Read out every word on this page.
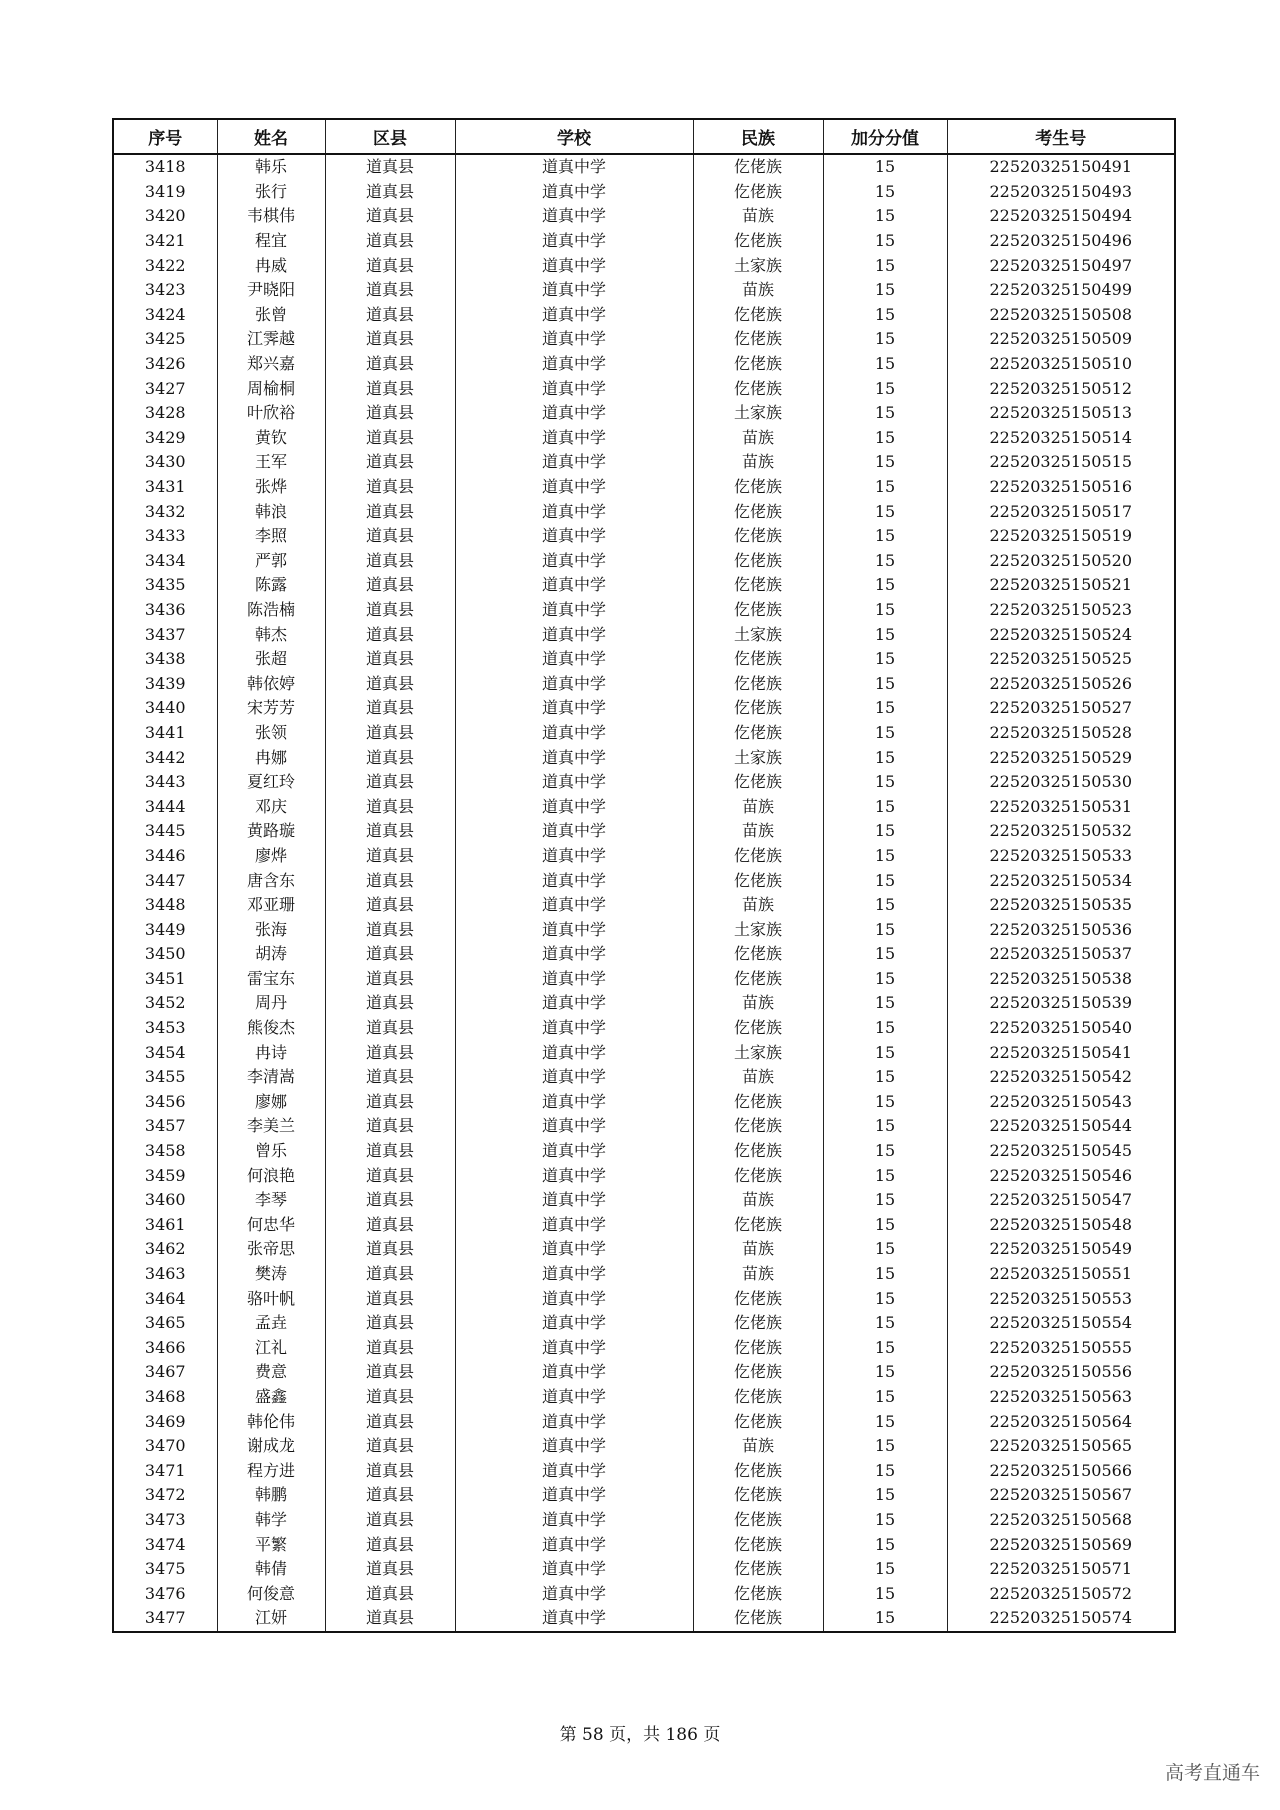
序号	姓名	区县	学校	民族	加分分值	考生号
3418	韩乐	道真县	道真中学	仡佬族	15	22520325150491
3419	张行	道真县	道真中学	仡佬族	15	22520325150493
3420	韦棋伟	道真县	道真中学	苗族	15	22520325150494
3421	程宜	道真县	道真中学	仡佬族	15	22520325150496
3422	冉威	道真县	道真中学	土家族	15	22520325150497
3423	尹晓阳	道真县	道真中学	苗族	15	22520325150499
3424	张曾	道真县	道真中学	仡佬族	15	22520325150508
3425	江霁越	道真县	道真中学	仡佬族	15	22520325150509
3426	郑兴嘉	道真县	道真中学	仡佬族	15	22520325150510
3427	周榆桐	道真县	道真中学	仡佬族	15	22520325150512
3428	叶欣裕	道真县	道真中学	土家族	15	22520325150513
3429	黄钦	道真县	道真中学	苗族	15	22520325150514
3430	王军	道真县	道真中学	苗族	15	22520325150515
3431	张烨	道真县	道真中学	仡佬族	15	22520325150516
3432	韩浪	道真县	道真中学	仡佬族	15	22520325150517
3433	李照	道真县	道真中学	仡佬族	15	22520325150519
3434	严郭	道真县	道真中学	仡佬族	15	22520325150520
3435	陈露	道真县	道真中学	仡佬族	15	22520325150521
3436	陈浩楠	道真县	道真中学	仡佬族	15	22520325150523
3437	韩杰	道真县	道真中学	土家族	15	22520325150524
3438	张超	道真县	道真中学	仡佬族	15	22520325150525
3439	韩依婷	道真县	道真中学	仡佬族	15	22520325150526
3440	宋芳芳	道真县	道真中学	仡佬族	15	22520325150527
3441	张领	道真县	道真中学	仡佬族	15	22520325150528
3442	冉娜	道真县	道真中学	土家族	15	22520325150529
3443	夏红玲	道真县	道真中学	仡佬族	15	22520325150530
3444	邓庆	道真县	道真中学	苗族	15	22520325150531
3445	黄路璇	道真县	道真中学	苗族	15	22520325150532
3446	廖烨	道真县	道真中学	仡佬族	15	22520325150533
3447	唐含东	道真县	道真中学	仡佬族	15	22520325150534
3448	邓亚珊	道真县	道真中学	苗族	15	22520325150535
3449	张海	道真县	道真中学	土家族	15	22520325150536
3450	胡涛	道真县	道真中学	仡佬族	15	22520325150537
3451	雷宝东	道真县	道真中学	仡佬族	15	22520325150538
3452	周丹	道真县	道真中学	苗族	15	22520325150539
3453	熊俊杰	道真县	道真中学	仡佬族	15	22520325150540
3454	冉诗	道真县	道真中学	土家族	15	22520325150541
3455	李清嵩	道真县	道真中学	苗族	15	22520325150542
3456	廖娜	道真县	道真中学	仡佬族	15	22520325150543
3457	李美兰	道真县	道真中学	仡佬族	15	22520325150544
3458	曾乐	道真县	道真中学	仡佬族	15	22520325150545
3459	何浪艳	道真县	道真中学	仡佬族	15	22520325150546
3460	李琴	道真县	道真中学	苗族	15	22520325150547
3461	何忠华	道真县	道真中学	仡佬族	15	22520325150548
3462	张帝思	道真县	道真中学	苗族	15	22520325150549
3463	樊涛	道真县	道真中学	苗族	15	22520325150551
3464	骆叶帆	道真县	道真中学	仡佬族	15	22520325150553
3465	孟垚	道真县	道真中学	仡佬族	15	22520325150554
3466	江礼	道真县	道真中学	仡佬族	15	22520325150555
3467	费意	道真县	道真中学	仡佬族	15	22520325150556
3468	盛鑫	道真县	道真中学	仡佬族	15	22520325150563
3469	韩伦伟	道真县	道真中学	仡佬族	15	22520325150564
3470	谢成龙	道真县	道真中学	苗族	15	22520325150565
3471	程方进	道真县	道真中学	仡佬族	15	22520325150566
3472	韩鹏	道真县	道真中学	仡佬族	15	22520325150567
3473	韩学	道真县	道真中学	仡佬族	15	22520325150568
3474	平繁	道真县	道真中学	仡佬族	15	22520325150569
3475	韩倩	道真县	道真中学	仡佬族	15	22520325150571
3476	何俊意	道真县	道真中学	仡佬族	15	22520325150572
3477	江妍	道真县	道真中学	仡佬族	15	22520325150574
第 58 页，共 186 页
高考直通车
